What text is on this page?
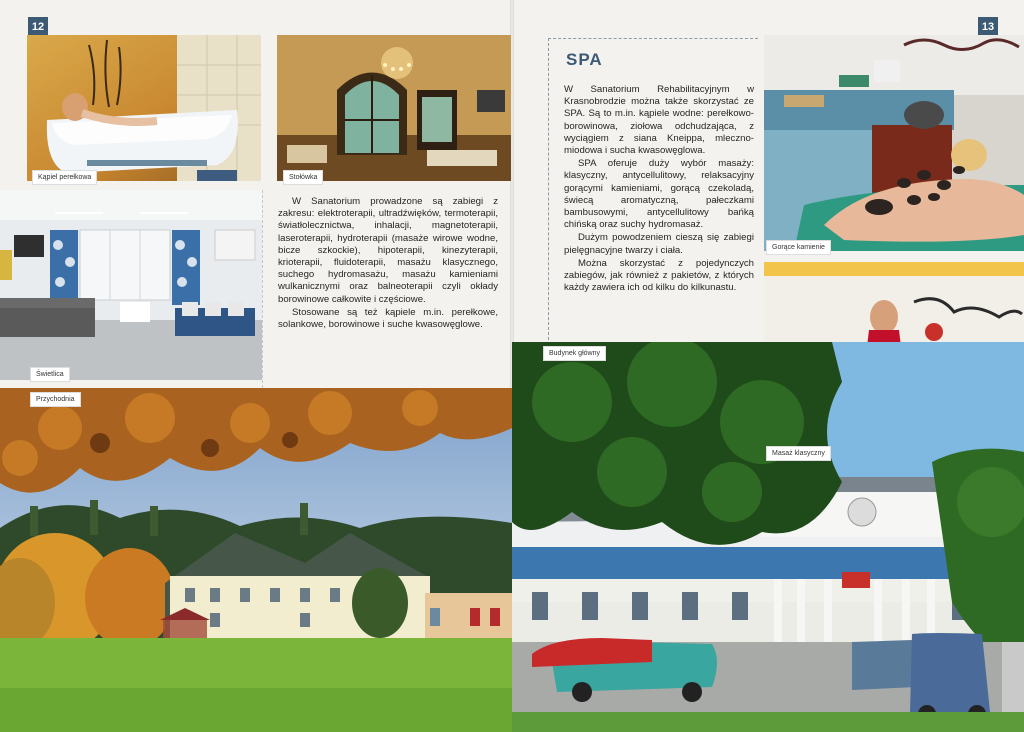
12
Kąpiel perełkowa	Stołówka
Świetlica

W Sanatorium prowadzone są zabiegi z zakresu: elektroterapii, ultradźwięków, termoterapii, światłolecznictwa, inhalacji, magnetoterapii, laseroterapii, hydroterapii (masaże wirowe wodne, bicze szkockie), hipoterapii, kinezyterapii, krioterapii, fluidoterapii, masażu klasycznego, suchego hydromasażu, masażu kamieniami wulkanicznymi oraz balneoterapii czyli okłady borowinowe całkowite i częściowe.

Stosowane są też kąpiele m.in. perełkowe, solankowe, borowinowe i suche kwasowęglowe.

Przychodnia
13
SPA

W Sanatorium Rehabilitacyjnym w Krasnobrodzie można także skorzystać ze SPA. Są to m.in. kąpiele wodne: perełkowo-borowinowa, ziołowa odchudzająca, z wyciągiem z siana Kneippa, mleczno-miodowa i sucha kwasowęglowa.

SPA oferuje duży wybór masaży: klasyczny, antycellulitowy, relaksacyjny gorącymi kamieniami, gorącą czekoladą, świecą aromatyczną, pałeczkami bambusowymi, antycellulitowy bańką chińską oraz suchy hydromasaż.

Dużym powodzeniem cieszą się zabiegi pielęgnacyjne twarzy i ciała.

Można skorzystać z pojedynczych zabiegów, jak również z pakietów, z których każdy zawiera ich od kilku do kilkunastu.

Gorące kamienie
Masaż klasyczny
Budynek główny
